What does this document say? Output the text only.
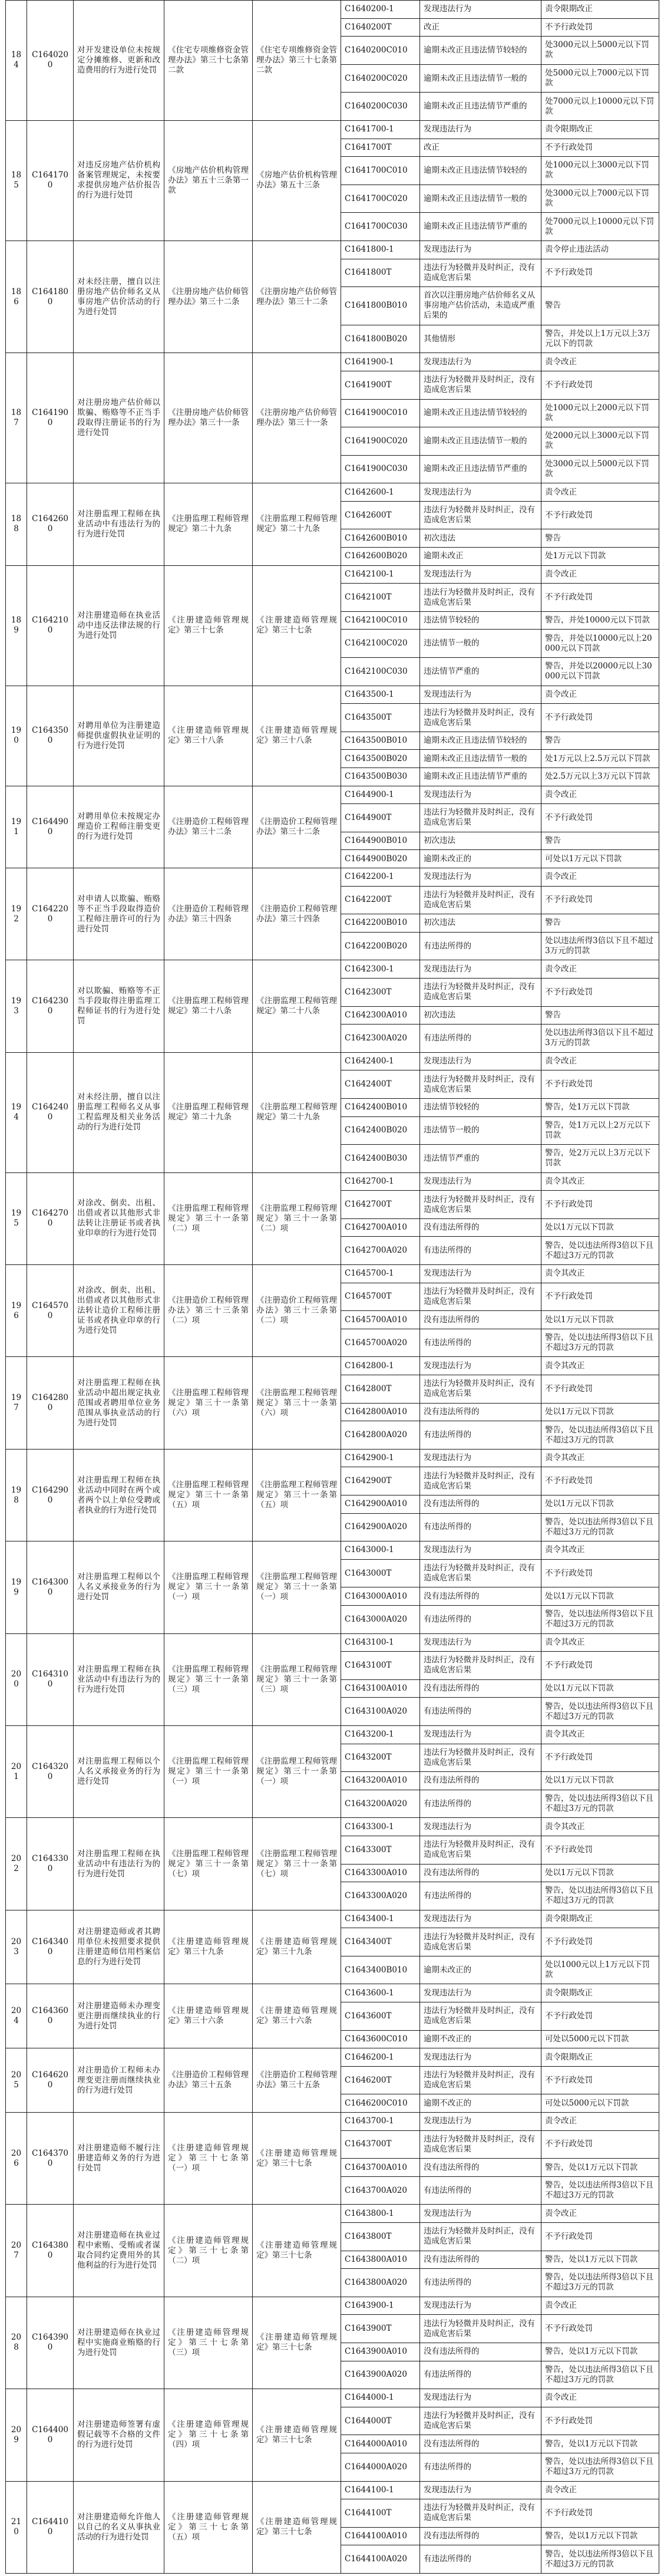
184	C1640200	对开发建设单位未按规定分摊维修、更新和改造费用的行为进行处罚	《住宅专项维修资金管理办法》第三十七条第二款	《住宅专项维修资金管理办法》第三十七条第二款	C1640200-1	发现违法行为	责令限期改正
					C1640200T	改正	不予行政处罚
					C1640200C010	逾期未改正且违法情节较轻的	处3000元以上5000元以下罚款
					C1640200C020	逾期未改正且违法情节一般的	处5000元以上7000元以下罚款
					C1640200C030	逾期未改正且违法情节严重的	处7000元以上10000元以下罚款
185	C1641700	对违反房地产估价机构备案管理规定，未按要求提供房地产估价报告的行为进行处罚	《房地产估价机构管理办法》第五十三条第一款	《房地产估价机构管理办法》第五十三条	C1641700-1	发现违法行为	责令限期改正
					C1641700T	改正	不予行政处罚
					C1641700C010	逾期未改正且违法情节较轻的	处1000元以上3000元以下罚款
					C1641700C020	逾期未改正且违法情节一般的	处3000元以上7000元以下罚款
					C1641700C030	逾期未改正且违法情节严重的	处7000元以上10000元以下罚款
186	C1641800	对未经注册，擅自以注册房地产估价师名义从事房地产估价活动的行为进行处罚	《注册房地产估价师管理办法》第三十二条	《注册房地产估价师管理办法》第三十二条	C1641800-1	发现违法行为	责令停止违法活动
					C1641800T	违法行为轻微并及时纠正，没有造成危害后果	不予行政处罚
					C1641800B010	首次以注册房地产估价师名义从事房地产估价活动，未造成严重后果的	警告
					C1641800B020	其他情形	警告，并处以上1万元以上3万元以下的罚款
187	C1641900	对注册房地产估价师以欺骗、贿赂等不正当手段取得注册证书的行为进行处罚	《注册房地产估价师管理办法》第三十一条	《注册房地产估价师管理办法》第三十一条	C1641900-1	发现违法行为	责令改正
					C1641900T	违法行为轻微并及时纠正，没有造成危害后果	不予行政处罚
					C1641900C010	逾期未改正且违法情节较轻的	处1000元以上2000元以下罚款
					C1641900C020	逾期未改正且违法情节一般的	处2000元以上3000元以下罚款
					C1641900C030	逾期未改正且违法情节严重的	处3000元以上5000元以下罚款
188	C1642600	对注册监理工程师在执业活动中有违法行为的行为进行处罚	《注册监理工程师管理规定》第二十九条	《注册监理工程师管理规定》第二十九条	C1642600-1	发现违法行为	责令改正
					C1642600T	违法行为轻微并及时纠正，没有造成危害后果	不予行政处罚
					C1642600B010	初次违法	警告
					C1642600B020	逾期未改正	处1万元以下罚款
189	C1642100	对注册建造师在执业活动中违反法律法规的行为进行处罚	《注册建造师管理规定》第三十七条	《注册建造师管理规定》第三十七条	C1642100-1	发现违法行为	责令改正
					C1642100T	违法行为轻微并及时纠正，没有造成危害后果	不予行政处罚
					C1642100C010	违法情节较轻的	警告，并处10000元以下罚款
					C1642100C020	违法情节一般的	警告，并处以10000元以上20000元以下罚款
					C1642100C030	违法情节严重的	警告，并处以20000元以上30000元以下罚款
190	C1643500	对聘用单位为注册建造师提供虚假执业证明的行为进行处罚	《注册建造师管理规定》第三十八条	《注册建造师管理规定》第三十八条	C1643500-1	发现违法行为	责令改正
					C1643500T	违法行为轻微并及时纠正，没有造成危害后果	不予行政处罚
					C1643500B010	逾期未改正且违法情节较轻的	警告
					C1643500B020	逾期未改正且违法情节一般的	处1万元以上2.5万元以下罚款
					C1643500B030	逾期未改正且违法情节严重的	处2.5万元以上3万元以下罚款
191	C1644900	对聘用单位未按规定办理造价工程师注册变更的行为进行处罚	《注册造价工程师管理办法》第三十二条	《注册造价工程师管理办法》第三十二条	C1644900-1	发现违法行为	责令改正
					C1644900T	违法行为轻微并及时纠正，没有造成危害后果	不予行政处罚
					C1644900B010	初次违法	警告
					C1644900B020	逾期未改正的	可处以1万元以下罚款
192	C1642200	对申请人以欺骗、贿赂等不正当手段取得造价工程师注册许可的行为进行处罚	《注册造价工程师管理办法》第三十四条	《注册造价工程师管理办法》第三十四条	C1642200-1	发现违法行为	责令改正
					C1642200T	违法行为轻微并及时纠正，没有造成危害后果	不予行政处罚
					C1642200B010	初次违法	警告
					C1642200B020	有违法所得的	处以违法所得3倍以下且不超过3万元的罚款
193	C1642300	对以欺骗、贿赂等不正当手段取得注册监理工程师证书的行为进行处罚	《注册监理工程师管理规定》第二十八条	《注册监理工程师管理规定》第二十八条	C1642300-1	发现违法行为	责令改正
					C1642300T	违法行为轻微并及时纠正，没有造成危害后果	不予行政处罚
					C1642300A010	初次违法	警告
					C1642300A020	有违法所得的	处以违法所得3倍以下且不超过3万元的罚款
194	C1642400	对未经注册，擅自以注册监理工程师名义从事工程监理及相关业务活动的行为进行处罚	《注册监理工程师管理规定》第二十九条	《注册监理工程师管理规定》第二十九条	C1642400-1	发现违法行为	责令改正
					C1642400T	违法行为轻微并及时纠正，没有造成危害后果	不予行政处罚
					C1642400B010	违法情节较轻的	警告，处1万元以下罚款
					C1642400B020	违法情节一般的	警告，处1万元以上2万元以下罚款
					C1642400B030	违法情节严重的	警告，处2万元以上3万元以下罚款
195	C1642700	对涂改、倒卖、出租、出借或者以其他形式非法转让注册证书或者执业印章的行为进行处罚	《注册监理工程师管理规定》第三十一条第（二）项	《注册监理工程师管理规定》第三十一条第（二）项	C1642700-1	发现违法行为	责令其改正
					C1642700T	违法行为轻微并及时纠正，没有造成危害后果	不予行政处罚
					C1642700A010	没有违法所得的	处以1万元以下罚款
					C1642700A020	有违法所得的	警告，处以违法所得3倍以下且不超过3万元的罚款
196	C1645700	对涂改、倒卖、出租、出借或者以其他形式非法转让造价工程师注册证书或者执业印章的行为进行处罚	《注册造价工程师管理办法》第三十三条第（二）项	《注册造价工程师管理办法》第三十三条第（二）项	C1645700-1	发现违法行为	责令其改正
					C1645700T	违法行为轻微并及时纠正，没有造成危害后果	不予行政处罚
					C1645700A010	没有违法所得的	处以1万元以下罚款
					C1645700A020	有违法所得的	警告，处以违法所得3倍以下且不超过3万元的罚款
197	C1642800	对注册监理工程师在执业活动中超出规定执业范围或者聘用单位业务范围从事执业活动的行为进行处罚	《注册监理工程师管理规定》第三十一条第（六）项	《注册监理工程师管理规定》第三十一条第（六）项	C1642800-1	发现违法行为	责令其改正
					C1642800T	违法行为轻微并及时纠正，没有造成危害后果	不予行政处罚
					C1642800A010	没有违法所得的	处以1万元以下罚款
					C1642800A020	有违法所得的	警告，处以违法所得3倍以下且不超过3万元的罚款
198	C1642900	对注册监理工程师在执业活动中同时在两个或者两个以上单位受聘或者执业的行为进行处罚	《注册监理工程师管理规定》第三十一条第（五）项	《注册监理工程师管理规定》第三十一条第（五）项	C1642900-1	发现违法行为	责令其改正
					C1642900T	违法行为轻微并及时纠正，没有造成危害后果	不予行政处罚
					C1642900A010	没有违法所得的	处以1万元以下罚款
					C1642900A020	有违法所得的	警告，处以违法所得3倍以下且不超过3万元的罚款
199	C1643000	对注册监理工程师以个人名义承接业务的行为进行处罚	《注册监理工程师管理规定》第三十一条第（一）项	《注册监理工程师管理规定》第三十一条第（一）项	C1643000-1	发现违法行为	责令其改正
					C1643000T	违法行为轻微并及时纠正，没有造成危害后果	不予行政处罚
					C1643000A010	没有违法所得的	处以1万元以下罚款
					C1643000A020	有违法所得的	警告，处以违法所得3倍以下且不超过3万元的罚款
200	C1643100	对注册监理工程师在执业活动中有违法行为的行为进行处罚	《注册监理工程师管理规定》第三十一条第（三）项	《注册监理工程师管理规定》第三十一条第（三）项	C1643100-1	发现违法行为	责令其改正
					C1643100T	违法行为轻微并及时纠正，没有造成危害后果	不予行政处罚
					C1643100A010	没有违法所得的	处以1万元以下罚款
					C1643100A020	有违法所得的	警告，处以违法所得3倍以下且不超过3万元的罚款
201	C1643200	对注册监理工程师以个人名义承接业务的行为进行处罚	《注册监理工程师管理规定》第三十一条第（一）项	《注册监理工程师管理规定》第三十一条第（一）项	C1643200-1	发现违法行为	责令其改正
					C1643200T	违法行为轻微并及时纠正，没有造成危害后果	不予行政处罚
					C1643200A010	没有违法所得的	处以1万元以下罚款
					C1643200A020	有违法所得的	警告，处以违法所得3倍以下且不超过3万元的罚款
202	C1643300	对注册监理工程师在执业活动中有违法行为的行为进行处罚	《注册监理工程师管理规定》第三十一条第（七）项	《注册监理工程师管理规定》第三十一条第（七）项	C1643300-1	发现违法行为	责令其改正
					C1643300T	违法行为轻微并及时纠正，没有造成危害后果	不予行政处罚
					C1643300A010	没有违法所得的	处以1万元以下罚款
					C1643300A020	有违法所得的	警告，处以违法所得3倍以下且不超过3万元的罚款
203	C1643400	对注册建造师或者其聘用单位未按照要求提供注册建造师信用档案信息的行为进行处罚	《注册建造师管理规定》第三十九条	《注册建造师管理规定》第三十九条	C1643400-1	发现违法行为	责令限期改正
					C1643400T	违法行为轻微并及时纠正，没有造成危害后果	不予行政处罚
					C1643400B010	逾期未改正的	处以1000元以上1万元以下罚款
204	C1643600	对注册建造师未办理变更注册而继续执业的行为进行处罚	《注册建造师管理规定》第三十六条	《注册建造师管理规定》第三十六条	C1643600-1	发现违法行为	责令限期改正
					C1643600T	违法行为轻微并及时纠正，没有造成危害后果	不予行政处罚
					C1643600C010	逾期不改正的	可处以5000元以下罚款
205	C1646200	对注册造价工程师未办理变更注册而继续执业的行为进行处罚	《注册造价工程师管理办法》第三十五条	《注册造价工程师管理办法》第三十五条	C1646200-1	发现违法行为	责令限期改正
					C1646200T	违法行为轻微并及时纠正，没有造成危害后果	不予行政处罚
					C1646200C010	逾期不改正的	可处以5000元以下罚款
206	C1643700	对注册建造师不履行注册建造师义务的行为进行处罚	《注册建造师管理规定》第三十七条第（一）项	《注册建造师管理规定》第三十七条	C1643700-1	发现违法行为	责令改正
					C1643700T	违法行为轻微并及时纠正，没有造成危害后果	不予行政处罚
					C1643700A010	没有违法所得的	警告，处以1万元以下罚款
					C1643700A020	有违法所得的	警告，处以违法所得3倍以下且不超过3万元的罚款
207	C1643800	对注册建造师在执业过程中索贿、受贿或者谋取合同约定费用外的其他利益的行为进行处罚	《注册建造师管理规定》第三十七条第（二）项	《注册建造师管理规定》第三十七条	C1643800-1	发现违法行为	责令改正
					C1643800T	违法行为轻微并及时纠正，没有造成危害后果	不予行政处罚
					C1643800A010	没有违法所得的	警告，处以1万元以下罚款
					C1643800A020	有违法所得的	警告，处以违法所得3倍以下且不超过3万元的罚款
208	C1643900	对注册建造师在执业过程中实施商业贿赂的行为进行处罚	《注册建造师管理规定》第三十七条第（三）项	《注册建造师管理规定》第三十七条	C1643900-1	发现违法行为	责令改正
					C1643900T	违法行为轻微并及时纠正，没有造成危害后果	不予行政处罚
					C1643900A010	没有违法所得的	警告，处以1万元以下罚款
					C1643900A020	有违法所得的	警告，处以违法所得3倍以下且不超过3万元的罚款
209	C1644000	对注册建造师签署有虚假记载等不合格的文件的行为进行处罚	《注册建造师管理规定》第三十七条第（四）项	《注册建造师管理规定》第三十七条	C1644000-1	发现违法行为	责令改正
					C1644000T	违法行为轻微并及时纠正，没有造成危害后果	不予行政处罚
					C1644000A010	没有违法所得的	警告，处以1万元以下罚款
					C1644000A020	有违法所得的	警告，处以违法所得3倍以下且不超过3万元的罚款
210	C1644100	对注册建造师允许他人以自己的名义从事执业活动的行为进行处罚	《注册建造师管理规定》第三十七条第（五）项	《注册建造师管理规定》第三十七条	C1644100-1	发现违法行为	责令改正
					C1644100T	违法行为轻微并及时纠正，没有造成危害后果	不予行政处罚
					C1644100A010	没有违法所得的	警告，处以1万元以下罚款
					C1644100A020	有违法所得的	警告，处以违法所得3倍以下且不超过3万元的罚款
